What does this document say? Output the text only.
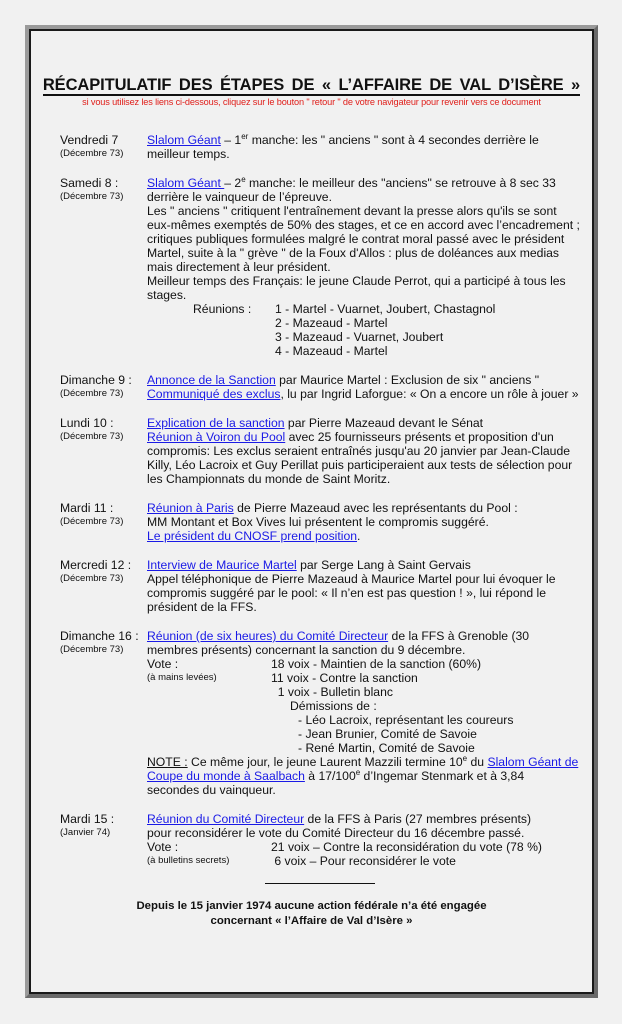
RÉCAPITULATIF DES ÉTAPES DE « L’AFFAIRE DE VAL D’ISÈRE »
si vous utilisez les liens ci-dessous, cliquez sur le bouton " retour " de votre navigateur pour revenir vers ce document
Vendredi 7
(Décembre 73)
Slalom Géant – 1er manche: les " anciens " sont à 4 secondes derrière le
meilleur temps.
Samedi 8 :
(Décembre 73)
Slalom Géant – 2e manche: le meilleur des "anciens" se retrouve à 8 sec 33
derrière le vainqueur de l’épreuve.
Les " anciens " critiquent l'entraînement devant la presse alors qu'ils se sont
eux-mêmes exemptés de 50% des stages, et ce en accord avec l’encadrement ;
critiques publiques formulées malgré le contrat moral passé avec le président
Martel, suite à la " grève " de la Foux d'Allos : plus de doléances aux medias
mais directement à leur président.
Meilleur temps des Français: le jeune Claude Perrot, qui a participé à tous les
stages.
Réunions :	1 - Martel - Vuarnet, Joubert, Chastagnol
2 - Mazeaud - Martel
3 - Mazeaud - Vuarnet, Joubert
4 - Mazeaud - Martel
Dimanche 9 :
(Décembre 73)
Annonce de la Sanction par Maurice Martel : Exclusion de six " anciens "
Communiqué des exclus, lu par Ingrid Laforgue: « On a encore un rôle à jouer »
Lundi 10 :
(Décembre 73)
Explication de la sanction par Pierre Mazeaud devant le Sénat
Réunion à Voiron du Pool avec 25 fournisseurs présents et proposition d'un
compromis: Les exclus seraient entraînés jusqu'au 20 janvier par Jean-Claude
Killy, Léo Lacroix et Guy Perillat puis participeraient aux tests de sélection pour
les Championnats du monde de Saint Moritz.
Mardi 11 :
(Décembre 73)
Réunion à Paris de Pierre Mazeaud avec les représentants du Pool :
MM Montant et Box Vives lui présentent le compromis suggéré.
Le président du CNOSF prend position.
Mercredi 12 :
(Décembre 73)
Interview de Maurice Martel par Serge Lang à Saint Gervais
Appel téléphonique de Pierre Mazeaud à Maurice Martel pour lui évoquer le
compromis suggéré par le pool: « Il n’en est pas question ! », lui répond le
président de la FFS.
Dimanche 16 :
(Décembre 73)
Réunion (de six heures) du Comité Directeur de la FFS à Grenoble (30
membres présents) concernant la sanction du 9 décembre.
Vote :	18 voix - Maintien de la sanction (60%)
(à mains levées)	11 voix - Contre la sanction
1 voix - Bulletin blanc
Démissions de :
- Léo Lacroix, représentant les coureurs
- Jean Brunier, Comité de Savoie
- René Martin, Comité de Savoie
NOTE : Ce même jour, le jeune Laurent Mazzili termine 10e du Slalom Géant de
Coupe du monde à Saalbach à 17/100e d’Ingemar Stenmark et à 3,84
secondes du vainqueur.
Mardi 15 :
(Janvier 74)
Réunion du Comité Directeur de la FFS à Paris (27 membres présents)
pour reconsidérer le vote du Comité Directeur du 16 décembre passé.
Vote :	21 voix – Contre la reconsidération du vote (78 %)
(à bulletins secrets)	6 voix – Pour reconsidérer le vote
Depuis le 15 janvier 1974 aucune action fédérale n’a été engagée
concernant « l’Affaire de Val d’Isère »
